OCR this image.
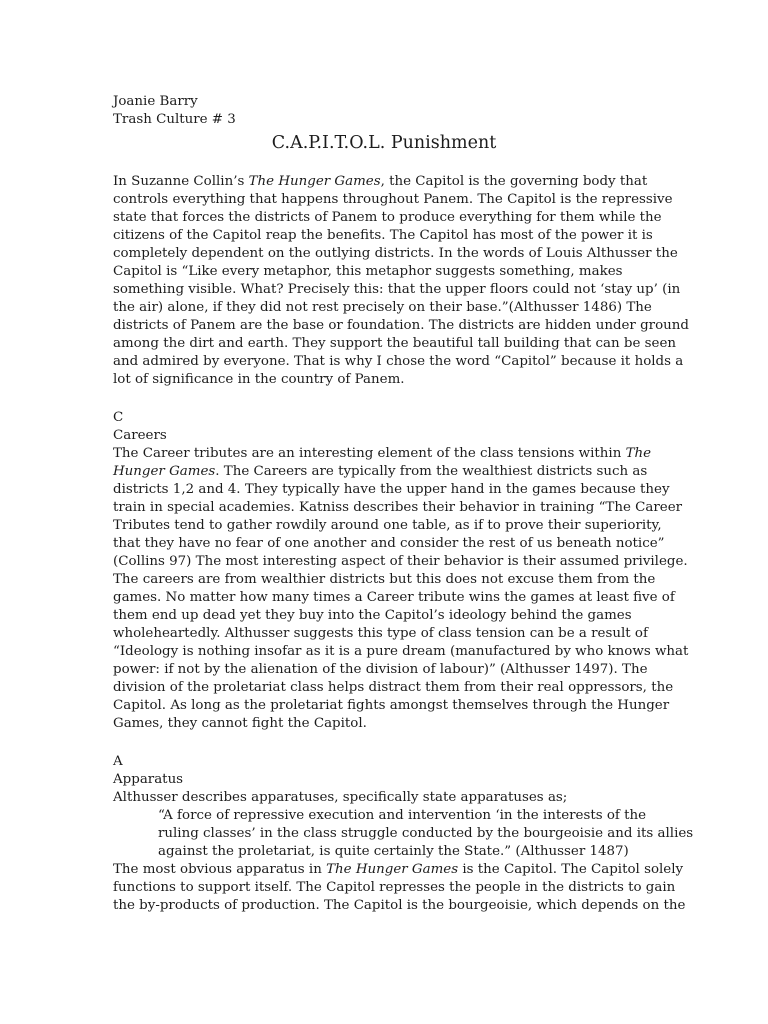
Joanie Barry
Trash Culture # 3
C.A.P.I.T.O.L. Punishment
In Suzanne Collin’s The Hunger Games, the Capitol is the governing body that
controls everything that happens throughout Panem. The Capitol is the repressive
state that forces the districts of Panem to produce everything for them while the
citizens of the Capitol reap the benefits. The Capitol has most of the power it is
completely dependent on the outlying districts. In the words of Louis Althusser the
Capitol is “Like every metaphor, this metaphor suggests something, makes
something visible. What? Precisely this: that the upper floors could not ‘stay up’ (in
the air) alone, if they did not rest precisely on their base.”(Althusser 1486) The
districts of Panem are the base or foundation. The districts are hidden under ground
among the dirt and earth. They support the beautiful tall building that can be seen
and admired by everyone. That is why I chose the word “Capitol” because it holds a
lot of significance in the country of Panem.
C
Careers
The Career tributes are an interesting element of the class tensions within The
Hunger Games. The Careers are typically from the wealthiest districts such as
districts 1,2 and 4. They typically have the upper hand in the games because they
train in special academies. Katniss describes their behavior in training “The Career
Tributes tend to gather rowdily around one table, as if to prove their superiority,
that they have no fear of one another and consider the rest of us beneath notice”
(Collins 97) The most interesting aspect of their behavior is their assumed privilege.
The careers are from wealthier districts but this does not excuse them from the
games. No matter how many times a Career tribute wins the games at least five of
them end up dead yet they buy into the Capitol’s ideology behind the games
wholeheartedly. Althusser suggests this type of class tension can be a result of
“Ideology is nothing insofar as it is a pure dream (manufactured by who knows what
power: if not by the alienation of the division of labour)” (Althusser 1497). The
division of the proletariat class helps distract them from their real oppressors, the
Capitol. As long as the proletariat fights amongst themselves through the Hunger
Games, they cannot fight the Capitol.
A
Apparatus
Althusser describes apparatuses, specifically state apparatuses as;
“A force of repressive execution and intervention ‘in the interests of the
ruling classes’ in the class struggle conducted by the bourgeoisie and its allies
against the proletariat, is quite certainly the State.” (Althusser 1487)
The most obvious apparatus in The Hunger Games is the Capitol. The Capitol solely
functions to support itself. The Capitol represses the people in the districts to gain
the by-products of production. The Capitol is the bourgeoisie, which depends on the
